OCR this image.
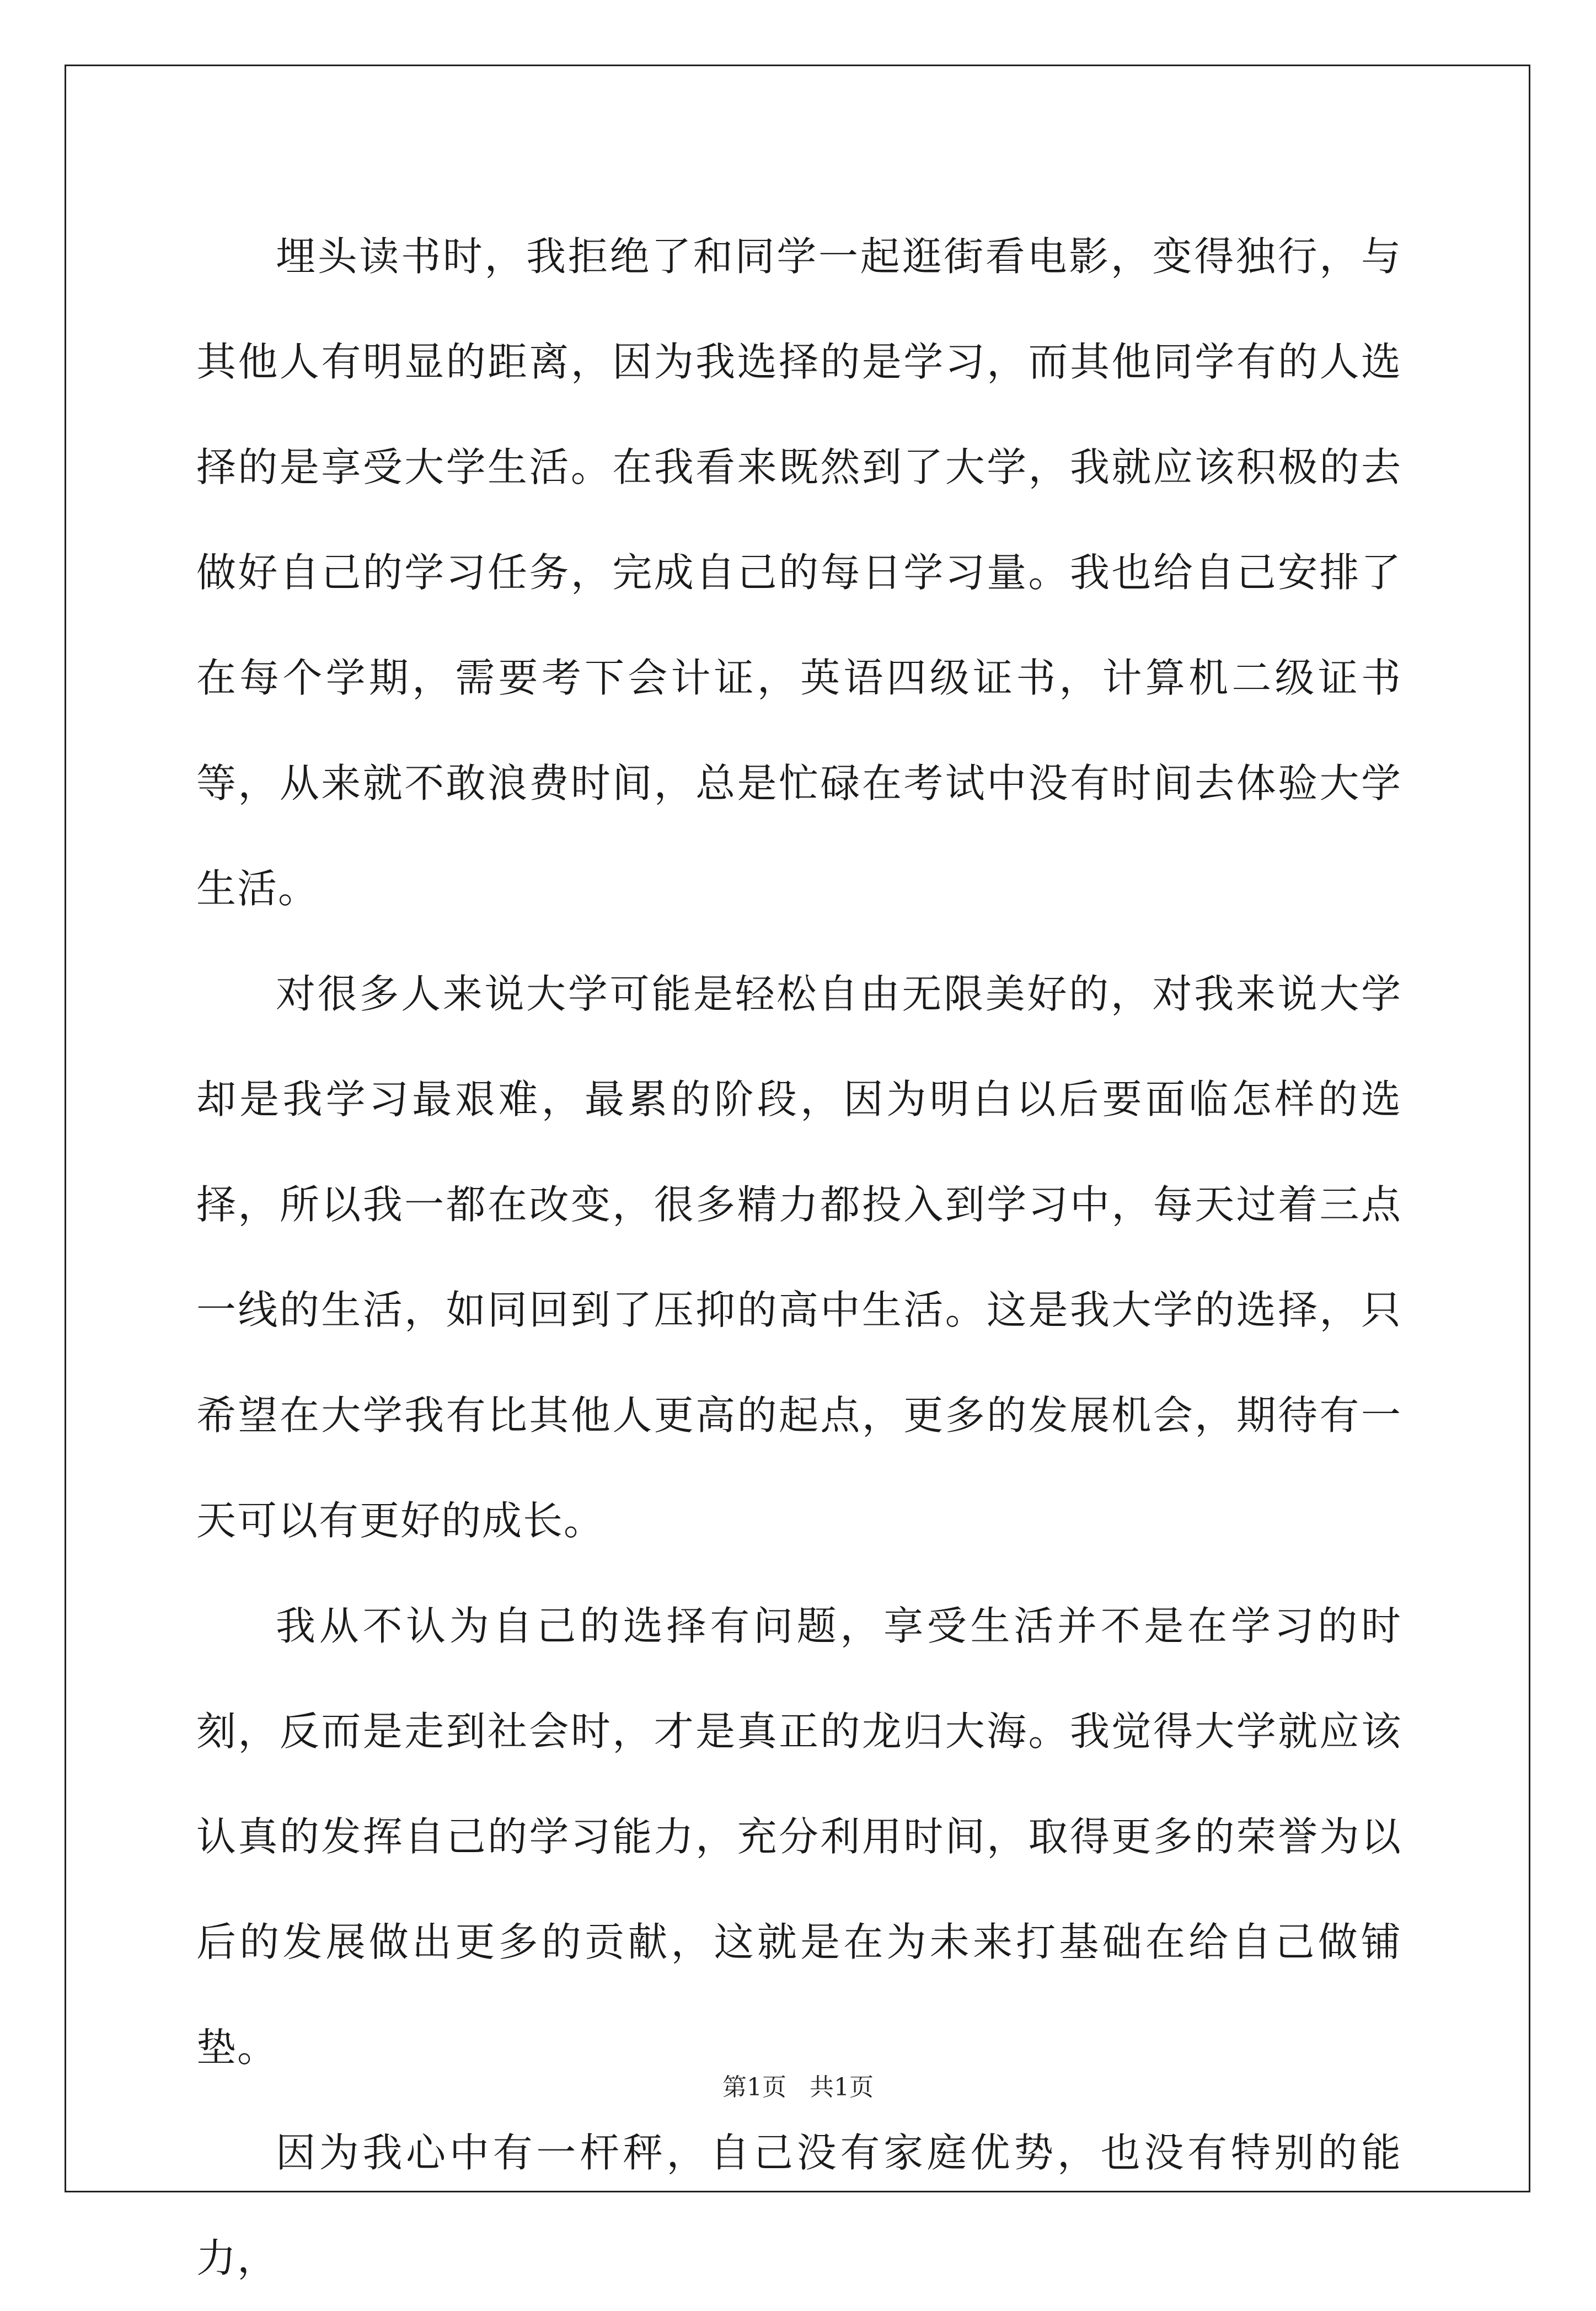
埋头读书时，我拒绝了和同学一起逛街看电影，变得独行，与其他人有明显的距离，因为我选择的是学习，而其他同学有的人选择的是享受大学生活。在我看来既然到了大学，我就应该积极的去做好自己的学习任务，完成自己的每日学习量。我也给自己安排了在每个学期，需要考下会计证，英语四级证书，计算机二级证书等，从来就不敢浪费时间，总是忙碌在考试中没有时间去体验大学生活。

对很多人来说大学可能是轻松自由无限美好的，对我来说大学却是我学习最艰难，最累的阶段，因为明白以后要面临怎样的选择，所以我一都在改变，很多精力都投入到学习中，每天过着三点一线的生活，如同回到了压抑的高中生活。这是我大学的选择，只希望在大学我有比其他人更高的起点，更多的发展机会，期待有一天可以有更好的成长。

我从不认为自己的选择有问题，享受生活并不是在学习的时刻，反而是走到社会时，才是真正的龙归大海。我觉得大学就应该认真的发挥自己的学习能力，充分利用时间，取得更多的荣誉为以后的发展做出更多的贡献，这就是在为未来打基础在给自己做铺垫。

因为我心中有一杆秤，自己没有家庭优势，也没有特别的能力，

第1页   共1页
